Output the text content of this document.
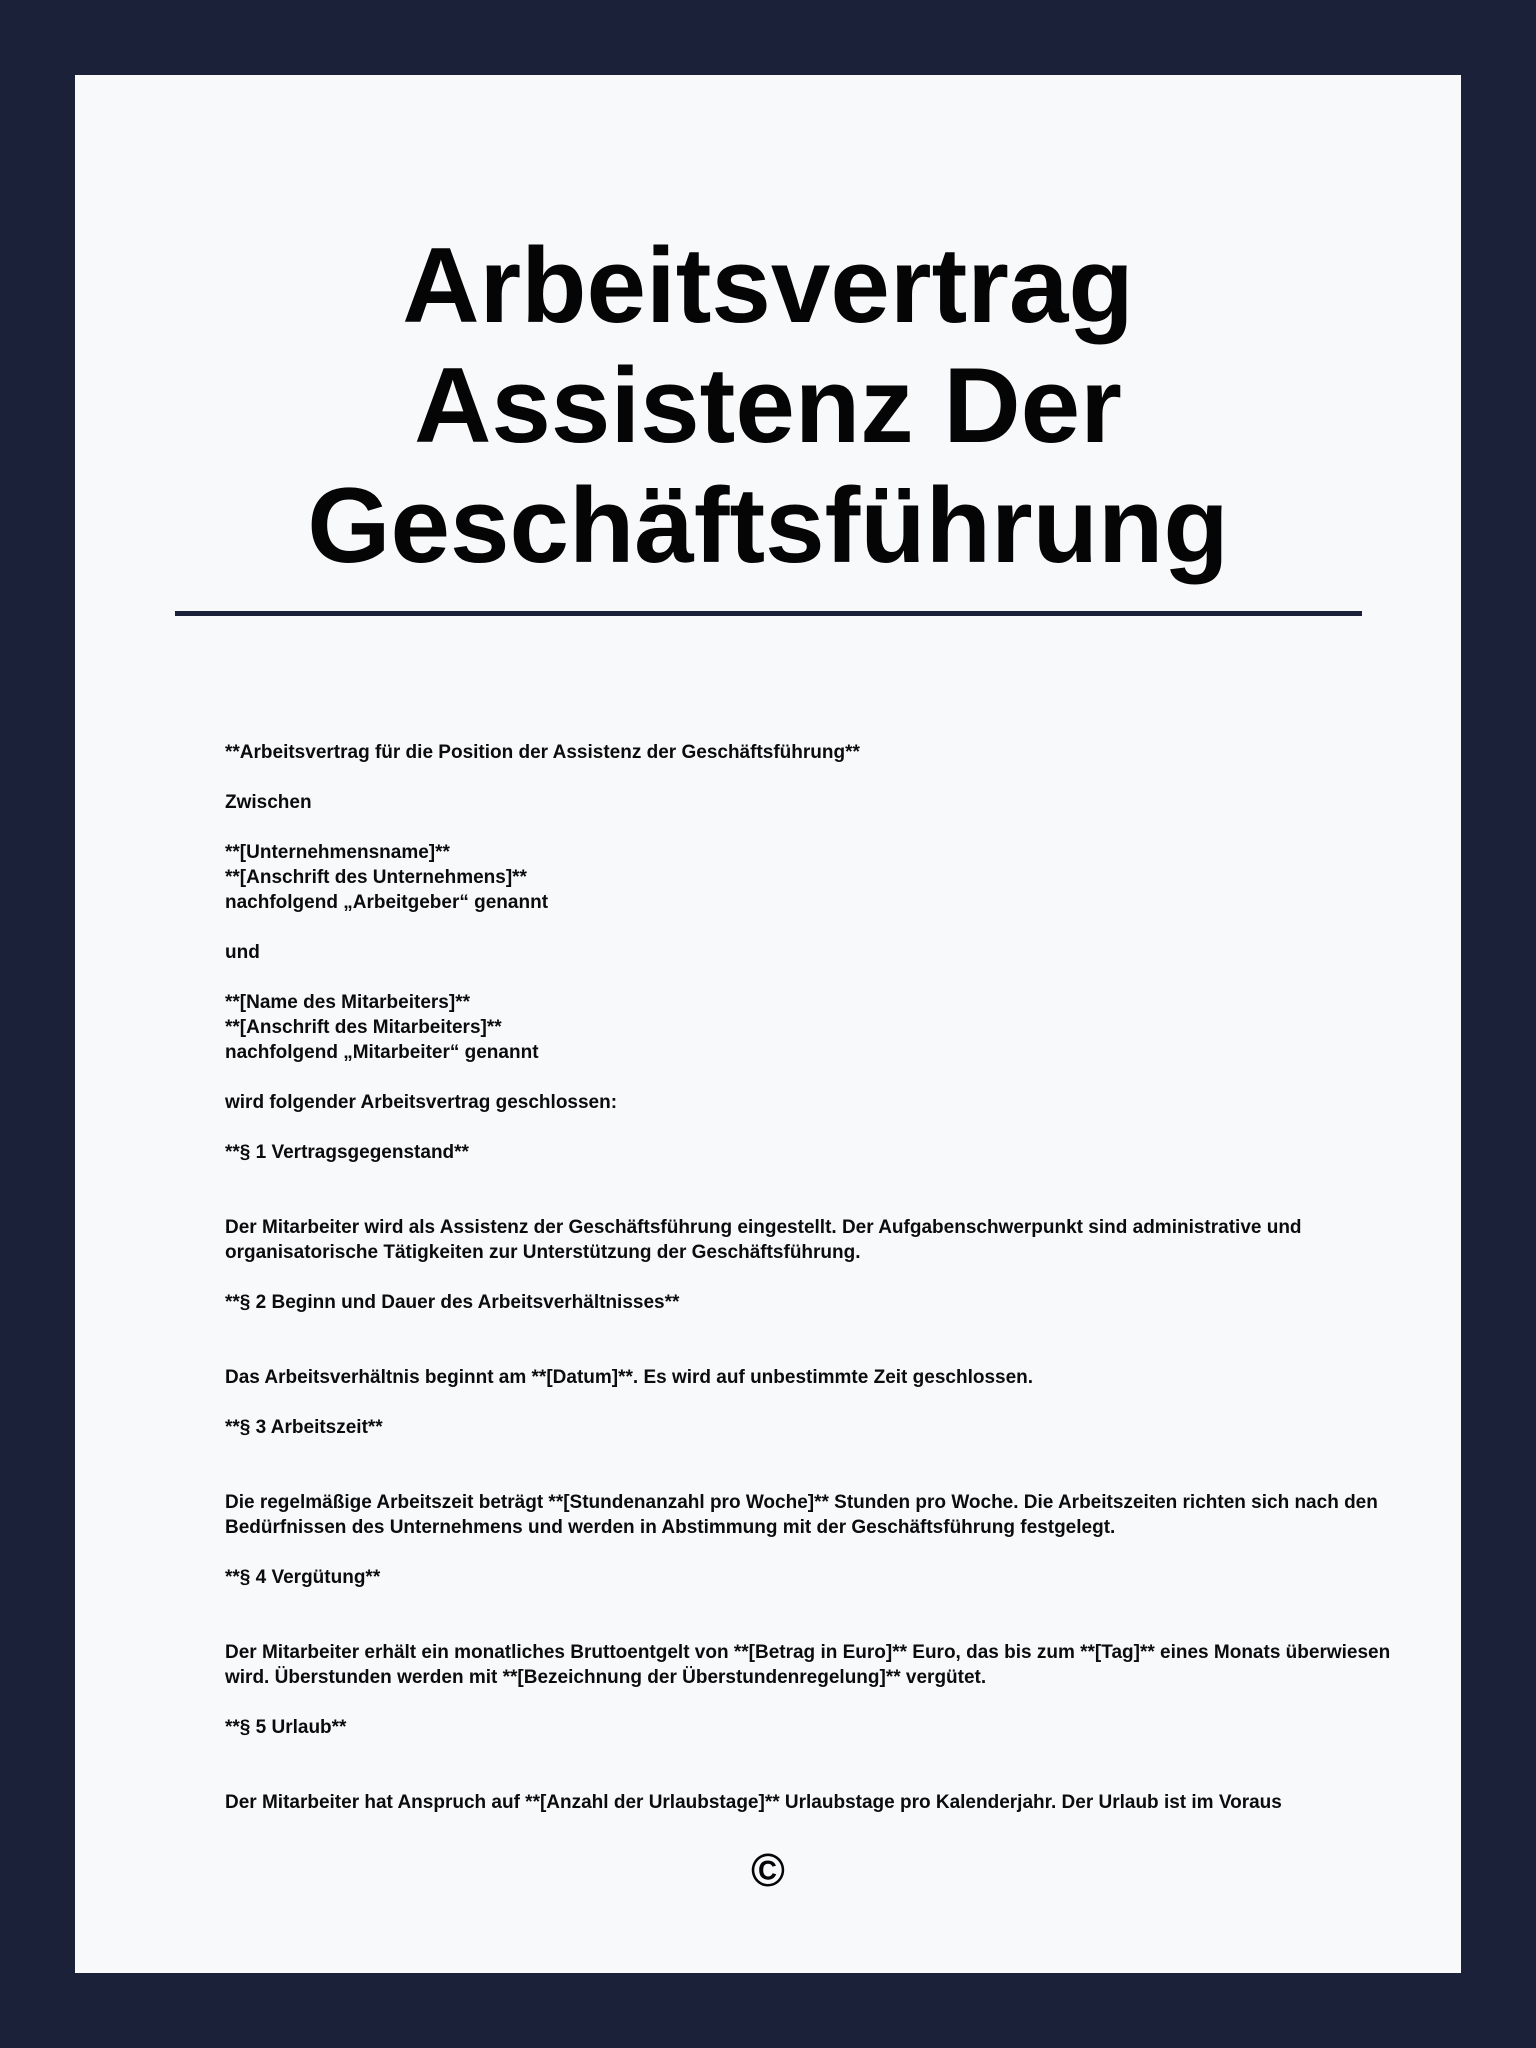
Arbeitsvertrag Assistenz Der Geschäftsführung

**Arbeitsvertrag für die Position der Assistenz der Geschäftsführung**

Zwischen

**[Unternehmensname]**
**[Anschrift des Unternehmens]**
nachfolgend „Arbeitgeber“ genannt

und

**[Name des Mitarbeiters]**
**[Anschrift des Mitarbeiters]**
nachfolgend „Mitarbeiter“ genannt

wird folgender Arbeitsvertrag geschlossen:

**§ 1 Vertragsgegenstand**

Der Mitarbeiter wird als Assistenz der Geschäftsführung eingestellt. Der Aufgabenschwerpunkt sind administrative und organisatorische Tätigkeiten zur Unterstützung der Geschäftsführung.

**§ 2 Beginn und Dauer des Arbeitsverhältnisses**

Das Arbeitsverhältnis beginnt am **[Datum]**. Es wird auf unbestimmte Zeit geschlossen.

**§ 3 Arbeitszeit**

Die regelmäßige Arbeitszeit beträgt **[Stundenanzahl pro Woche]** Stunden pro Woche. Die Arbeitszeiten richten sich nach den Bedürfnissen des Unternehmens und werden in Abstimmung mit der Geschäftsführung festgelegt.

**§ 4 Vergütung**

Der Mitarbeiter erhält ein monatliches Bruttoentgelt von **[Betrag in Euro]** Euro, das bis zum **[Tag]** eines Monats überwiesen wird. Überstunden werden mit **[Bezeichnung der Überstundenregelung]** vergütet.

**§ 5 Urlaub**

Der Mitarbeiter hat Anspruch auf **[Anzahl der Urlaubstage]** Urlaubstage pro Kalenderjahr. Der Urlaub ist im Voraus

©
